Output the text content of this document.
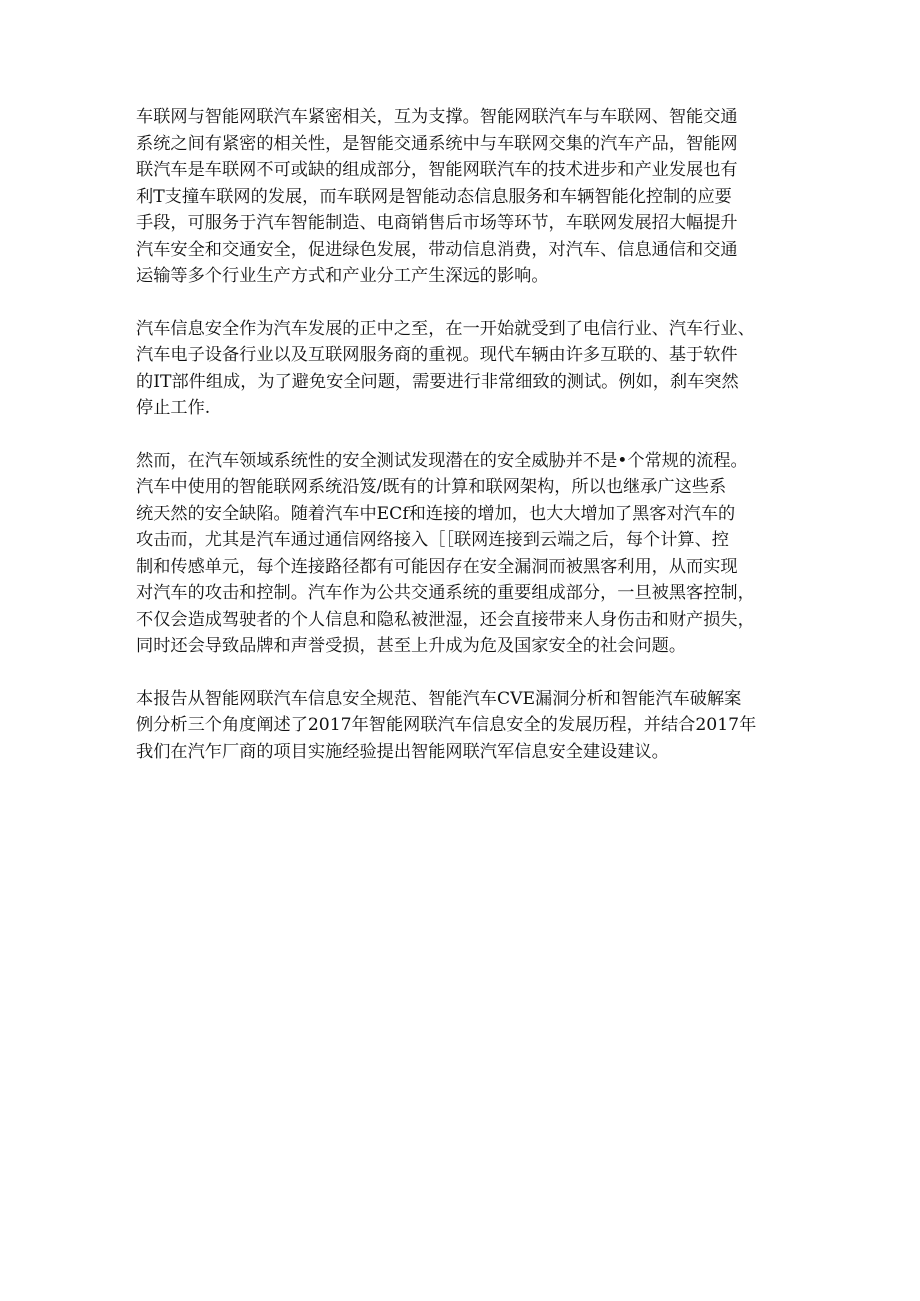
车联网与智能网联汽车紧密相关，互为支撑。智能网联汽车与车联网、智能交通
系统之间有紧密的相关性，是智能交通系统中与车联网交集的汽车产品，智能网
联汽车是车联网不可或缺的组成部分，智能网联汽车的技术进步和产业发展也有
利T支撞车联网的发展，而车联网是智能动态信息服务和车辆智能化控制的应要
手段，可服务于汽车智能制造、电商销售后市场等环节，车联网发展招大幅提升
汽车安全和交通安全，促进绿色发展，带动信息消费，对汽车、信息通信和交通
运输等多个行业生产方式和产业分工产生深远的影响。

汽车信息安全作为汽车发展的正中之至，在一开始就受到了电信行业、汽车行业、
汽车电子设备行业以及互联网服务商的重视。现代车辆由许多互联的、基于软件
的IT部件组成，为了避免安全问题，需要进行非常细致的测试。例如，刹车突然
停止工作.

然而，在汽车领域系统性的安全测试发现潜在的安全威胁并不是•个常规的流程。
汽车中使用的智能联网系统沿笈/既有的计算和联网架构，所以也继承广这些系
统天然的安全缺陷。随着汽车中ECf和连接的增加，也大大增加了黑客对汽车的
攻击而，尤其是汽车通过通信网络接入［［联网连接到云端之后，每个计算、控
制和传感单元，每个连接路径都有可能因存在安全漏洞而被黑客利用，从而实现
对汽车的攻击和控制。汽车作为公共交通系统的重要组成部分，一旦被黑客控制，
不仅会造成驾驶者的个人信息和隐私被泄湿，还会直接带来人身伤击和财产损失，
同时还会导致品牌和声誉受损，甚至上升成为危及国家安全的社会问题。

本报告从智能网联汽车信息安全规范、智能汽车CVE漏洞分析和智能汽车破解案
例分析三个角度阐述了2017年智能网联汽车信息安全的发展历程，并结合2017年
我们在汽乍厂商的项目实施经验提出智能网联汽军信息安全建设建议。
